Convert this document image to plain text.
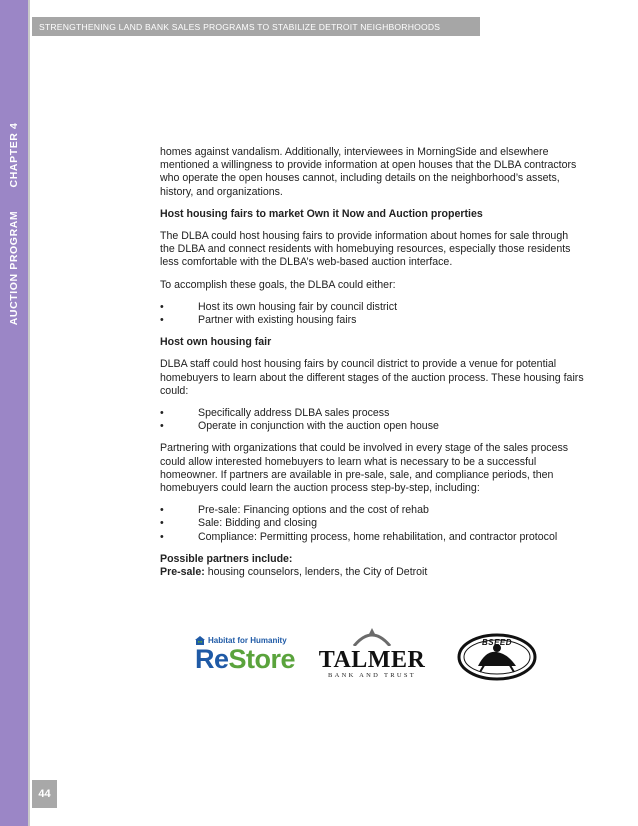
CHAPTER 4
AUCTION PROGRAM
STRENGTHENING LAND BANK SALES PROGRAMS TO STABILIZE DETROIT NEIGHBORHOODS

homes against vandalism. Additionally, interviewees in MorningSide and elsewhere mentioned a willingness to provide information at open houses that the DLBA contractors who operate the open houses cannot, including details on the neighborhood’s assets, history, and organizations.

Host housing fairs to market Own it Now and Auction properties

The DLBA could host housing fairs to provide information about homes for sale through the DLBA and connect residents with homebuying resources, especially those residents less comfortable with the DLBA’s web-based auction interface.

To accomplish these goals, the DLBA could either:

•	Host its own housing fair by council district
•	Partner with existing housing fairs
Host own housing fair

DLBA staff could host housing fairs by council district to provide a venue for potential homebuyers to learn about the different stages of the auction process. These housing fairs could:

•	Specifically address DLBA sales process
•	Operate in conjunction with the auction open house

Partnering with organizations that could be involved in every stage of the sales process could allow interested homebuyers to learn what is necessary to be a successful homeowner. If partners are available in pre-sale, sale, and compliance periods, then homebuyers could learn the auction process step-by-step, including:

•	Pre-sale: Financing options and the cost of rehab
•	Sale: Bidding and closing
•	Compliance: Permitting process, home rehabilitation, and contractor protocol

Possible partners include:

Pre-sale: housing counselors, lenders, the City of Detroit

Habitat for Humanity
ReStore TALMER
BANK AND TRUST
BSEED
44
